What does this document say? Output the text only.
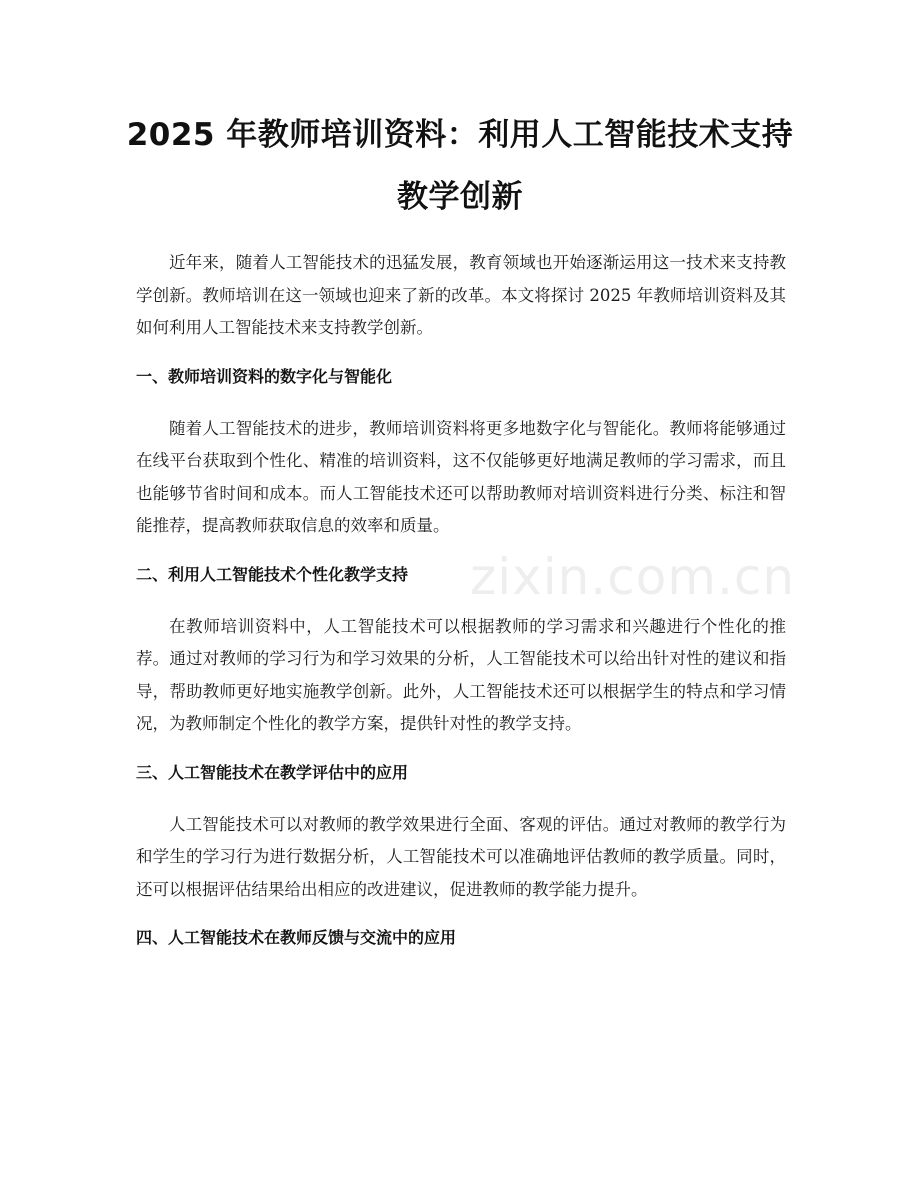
2025 年教师培训资料：利用人工智能技术支持教学创新

近年来，随着人工智能技术的迅猛发展，教育领域也开始逐渐运用这一技术来支持教学创新。教师培训在这一领域也迎来了新的改革。本文将探讨 2025 年教师培训资料及其如何利用人工智能技术来支持教学创新。

一、教师培训资料的数字化与智能化

随着人工智能技术的进步，教师培训资料将更多地数字化与智能化。教师将能够通过在线平台获取到个性化、精准的培训资料，这不仅能够更好地满足教师的学习需求，而且也能够节省时间和成本。而人工智能技术还可以帮助教师对培训资料进行分类、标注和智能推荐，提高教师获取信息的效率和质量。

二、利用人工智能技术个性化教学支持

在教师培训资料中，人工智能技术可以根据教师的学习需求和兴趣进行个性化的推荐。通过对教师的学习行为和学习效果的分析，人工智能技术可以给出针对性的建议和指导，帮助教师更好地实施教学创新。此外，人工智能技术还可以根据学生的特点和学习情况，为教师制定个性化的教学方案，提供针对性的教学支持。

三、人工智能技术在教学评估中的应用

人工智能技术可以对教师的教学效果进行全面、客观的评估。通过对教师的教学行为和学生的学习行为进行数据分析，人工智能技术可以准确地评估教师的教学质量。同时，还可以根据评估结果给出相应的改进建议，促进教师的教学能力提升。

四、人工智能技术在教师反馈与交流中的应用
zixin.com.cn
